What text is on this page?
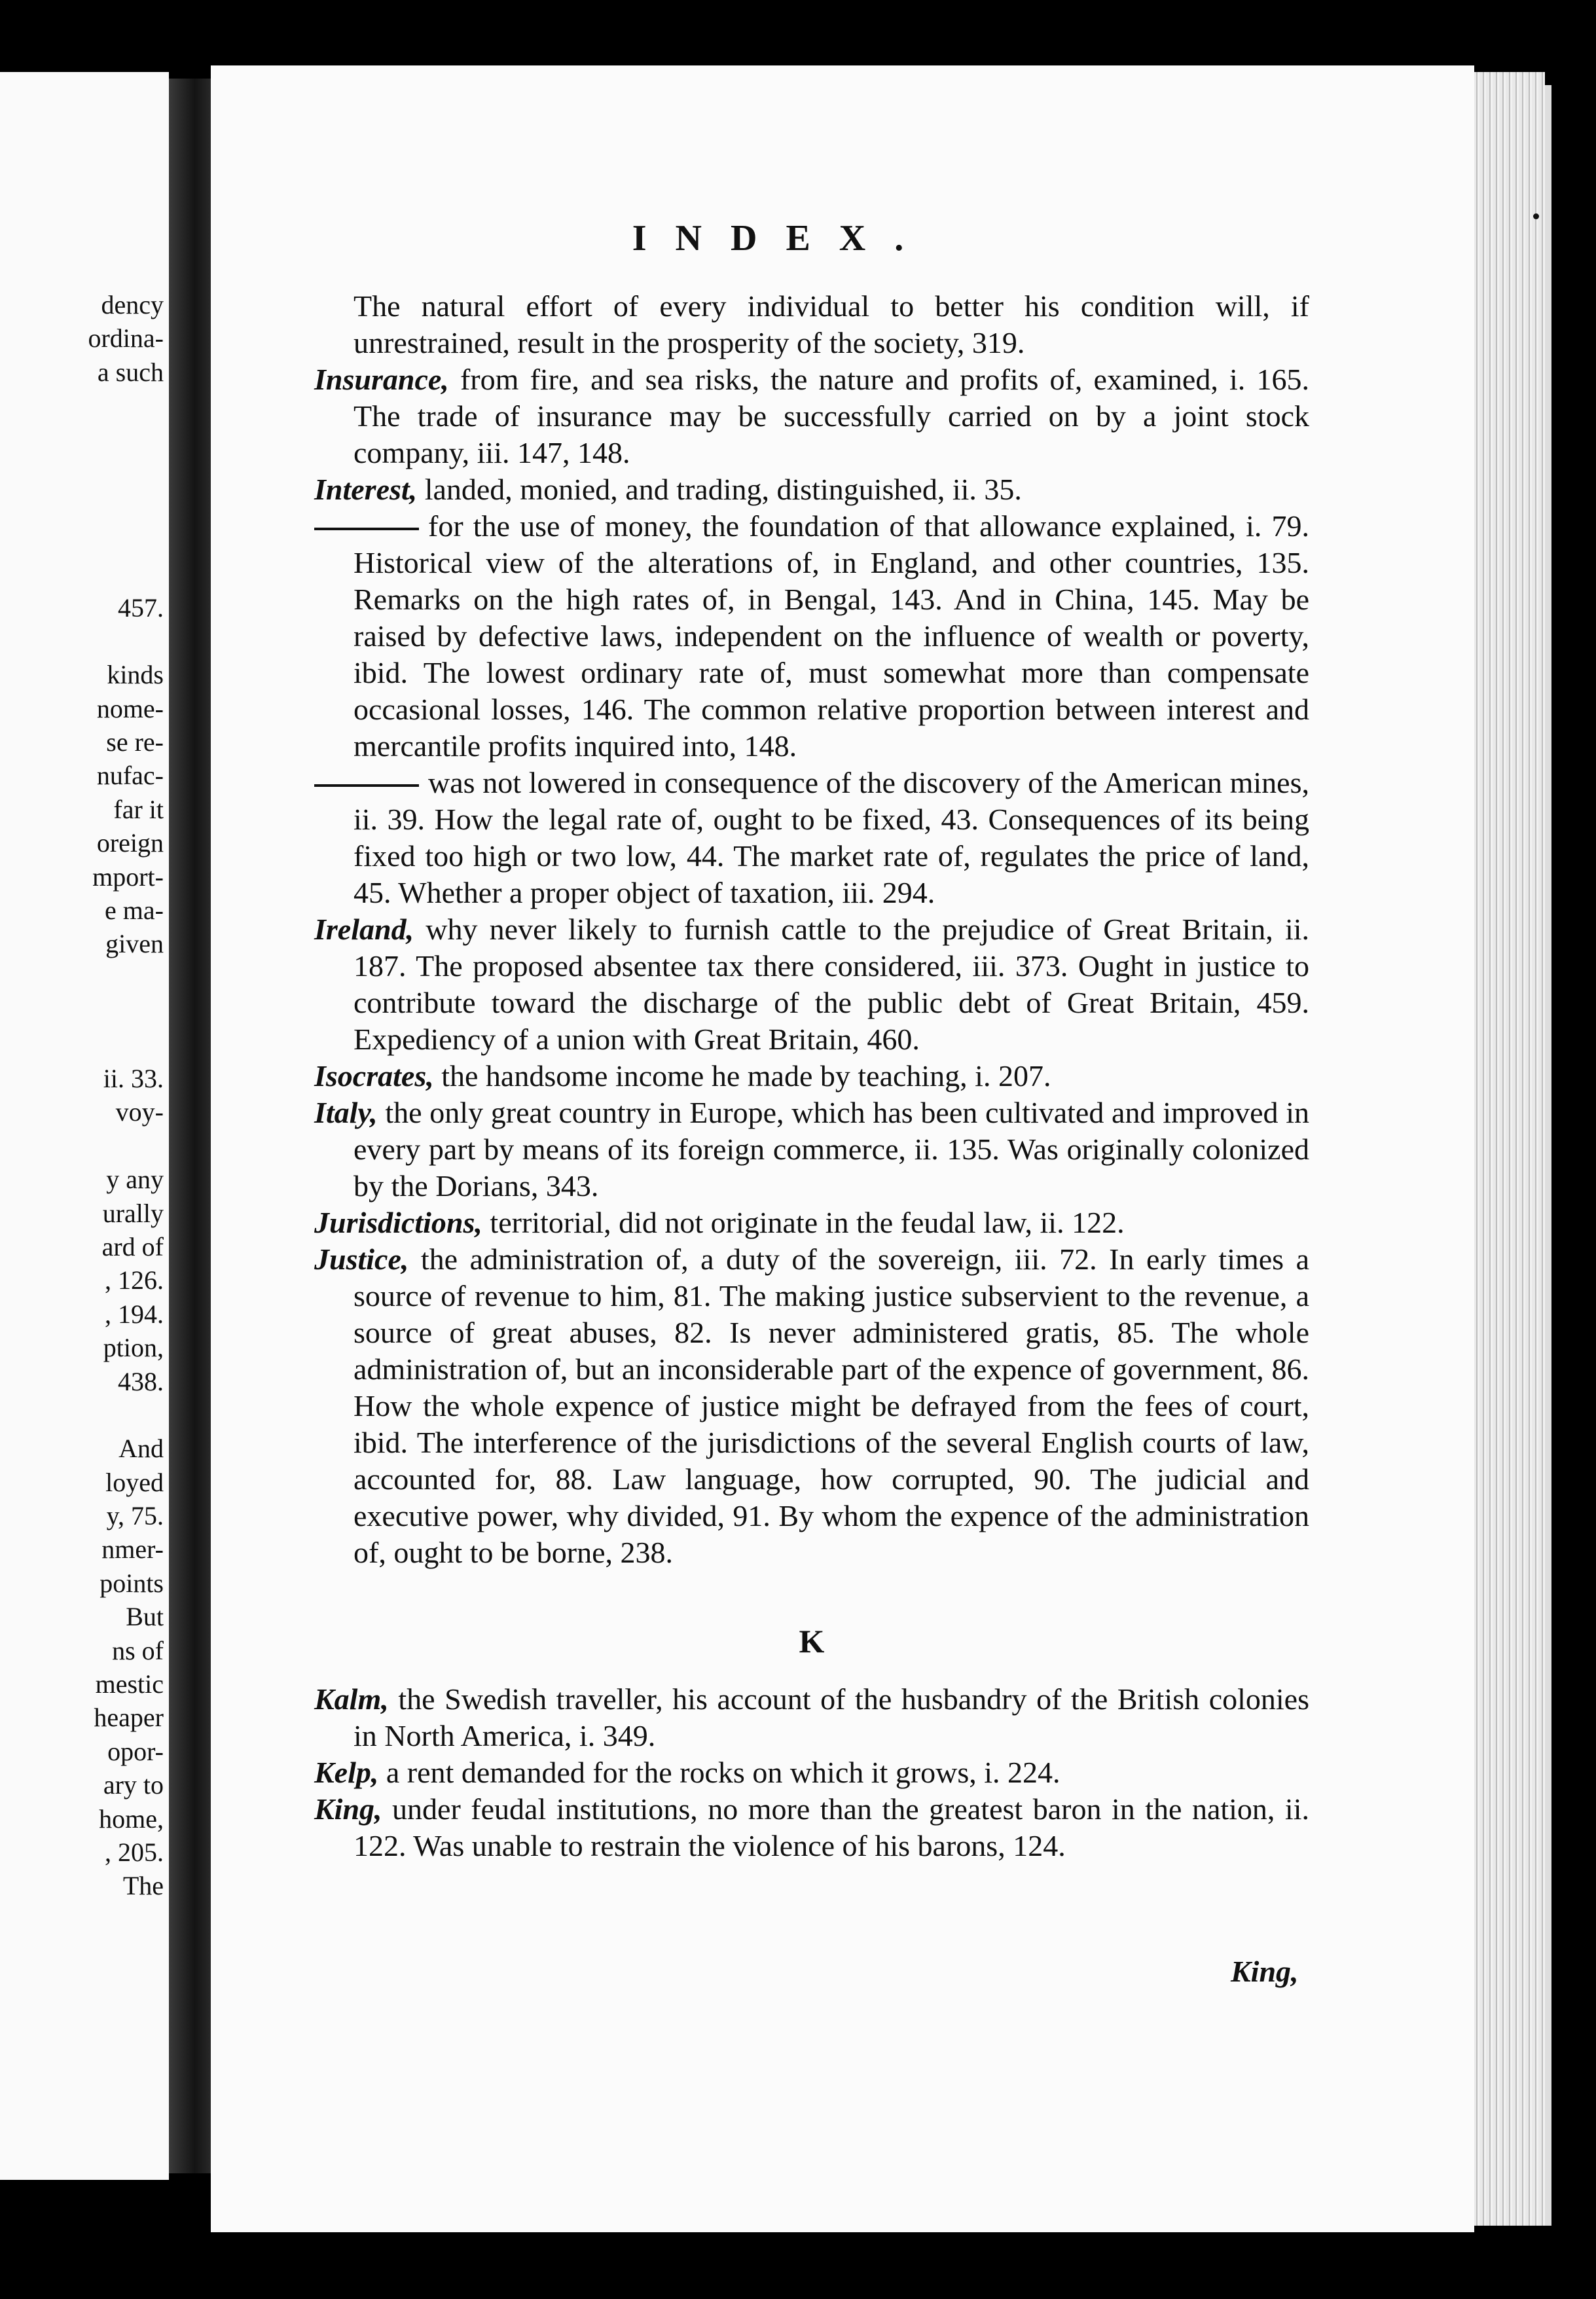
dency
ordina-
a such
457.
kinds
nome-
se re-
nufac-
far it
oreign
mport-
e ma-
given
ii. 33.
voy-
y any
urally
ard of
, 126.
, 194.
ption,
438.
And
loyed
y, 75.
nmer-
points
But
ns of
mestic
heaper
opor-
ary to
home,
, 205.
The
INDEX.

The natural effort of every individual to better his condition will, if unrestrained, result in the prosperity of the society, 319.

Insurance, from fire, and sea risks, the nature and profits of, examined, i. 165. The trade of insurance may be successfully carried on by a joint stock company, iii. 147, 148.

Interest, landed, monied, and trading, distinguished, ii. 35.

for the use of money, the foundation of that allowance explained, i. 79. Historical view of the alterations of, in England, and other countries, 135. Remarks on the high rates of, in Bengal, 143. And in China, 145. May be raised by defective laws, independent on the influence of wealth or poverty, ibid. The lowest ordinary rate of, must somewhat more than compensate occasional losses, 146. The common relative proportion between interest and mercantile profits inquired into, 148.

was not lowered in consequence of the discovery of the American mines, ii. 39. How the legal rate of, ought to be fixed, 43. Consequences of its being fixed too high or two low, 44. The market rate of, regulates the price of land, 45. Whether a proper object of taxation, iii. 294.

Ireland, why never likely to furnish cattle to the prejudice of Great Britain, ii. 187. The proposed absentee tax there considered, iii. 373. Ought in justice to contribute toward the discharge of the public debt of Great Britain, 459. Expediency of a union with Great Britain, 460.

Isocrates, the handsome income he made by teaching, i. 207.

Italy, the only great country in Europe, which has been cultivated and improved in every part by means of its foreign commerce, ii. 135. Was originally colonized by the Dorians, 343.

Jurisdictions, territorial, did not originate in the feudal law, ii. 122.

Justice, the administration of, a duty of the sovereign, iii. 72. In early times a source of revenue to him, 81. The making justice subservient to the revenue, a source of great abuses, 82. Is never administered gratis, 85. The whole administration of, but an inconsiderable part of the expence of government, 86. How the whole expence of justice might be defrayed from the fees of court, ibid. The interference of the jurisdictions of the several English courts of law, accounted for, 88. Law language, how corrupted, 90. The judicial and executive power, why divided, 91. By whom the expence of the administration of, ought to be borne, 238.

K

Kalm, the Swedish traveller, his account of the husbandry of the British colonies in North America, i. 349.

Kelp, a rent demanded for the rocks on which it grows, i. 224.

King, under feudal institutions, no more than the greatest baron in the nation, ii. 122. Was unable to restrain the violence of his barons, 124.

King,
